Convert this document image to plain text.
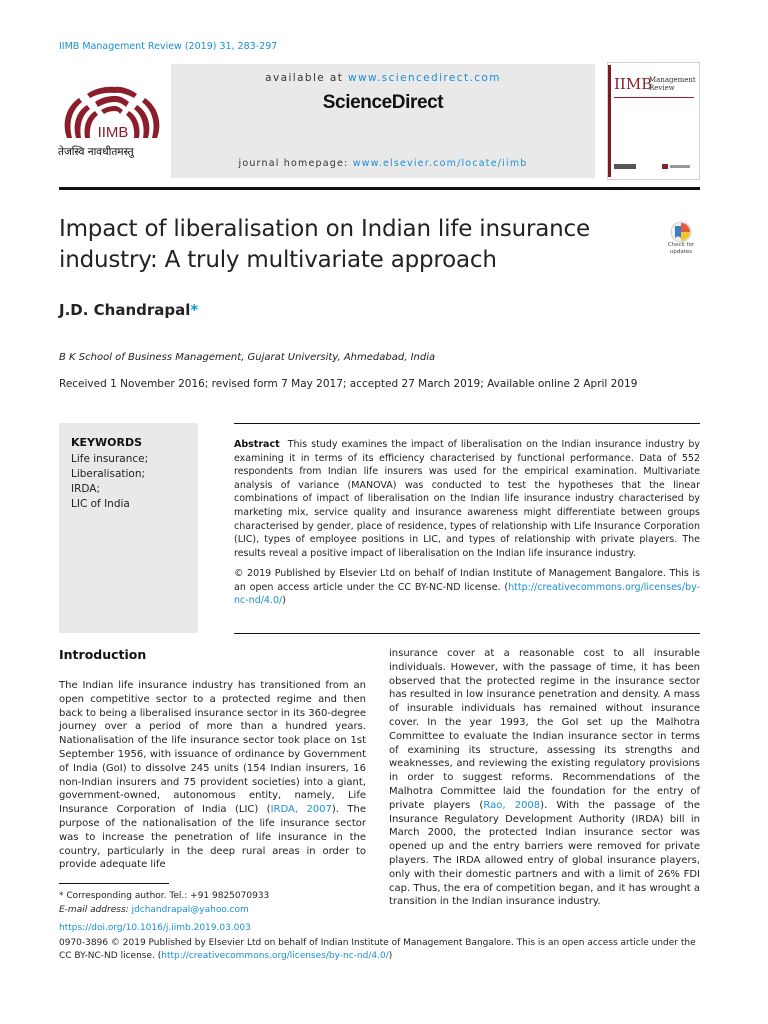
IIMB Management Review (2019) 31, 283-297
IIMB
तेजस्वि नावधीतमस्तु
available at www.sciencedirect.com
ScienceDirect
journal homepage: www.elsevier.com/locate/iimb
IIMB
Management
Review
Impact of liberalisation on Indian life insurance
industry: A truly multivariate approach
Check for
updates
J.D. Chandrapal*
B K School of Business Management, Gujarat University, Ahmedabad, India
Received 1 November 2016; revised form 7 May 2017; accepted 27 March 2019; Available online 2 April 2019
KEYWORDS
Life insurance;
Liberalisation;
IRDA;
LIC of India
Abstract This study examines the impact of liberalisation on the Indian insurance industry by examining it in terms of its efficiency characterised by functional performance. Data of 552 respondents from Indian life insurers was used for the empirical examination. Multivariate analysis of variance (MANOVA) was conducted to test the hypotheses that the linear combinations of impact of liberalisation on the Indian life insurance industry characterised by marketing mix, service quality and insurance awareness might differentiate between groups characterised by gender, place of residence, types of relationship with Life Insurance Corporation (LIC), types of employee positions in LIC, and types of relationship with private players. The results reveal a positive impact of liberalisation on the Indian life insurance industry.
© 2019 Published by Elsevier Ltd on behalf of Indian Institute of Management Bangalore. This is an open access article under the CC BY-NC-ND license. (http://creativecommons.org/licenses/by-nc-nd/4.0/)
Introduction
The Indian life insurance industry has transitioned from an open competitive sector to a protected regime and then back to being a liberalised insurance sector in its 360-degree journey over a period of more than a hundred years. Nationalisation of the life insurance sector took place on 1st September 1956, with issuance of ordinance by Government of India (GoI) to dissolve 245 units (154 Indian insurers, 16 non-Indian insurers and 75 provident societies) into a giant, government-owned, autonomous entity, namely, Life Insurance Corporation of India (LIC) (IRDA, 2007). The purpose of the nationalisation of the life insurance sector was to increase the penetration of life insurance in the country, particularly in the deep rural areas in order to provide adequate life
insurance cover at a reasonable cost to all insurable individuals. However, with the passage of time, it has been observed that the protected regime in the insurance sector has resulted in low insurance penetration and density. A mass of insurable individuals has remained without insurance cover. In the year 1993, the GoI set up the Malhotra Committee to evaluate the Indian insurance sector in terms of examining its structure, assessing its strengths and weaknesses, and reviewing the existing regulatory provisions in order to suggest reforms. Recommendations of the Malhotra Committee laid the foundation for the entry of private players (Rao, 2008). With the passage of the Insurance Regulatory Development Authority (IRDA) bill in March 2000, the protected Indian insurance sector was opened up and the entry barriers were removed for private players. The IRDA allowed entry of global insurance players, only with their domestic partners and with a limit of 26% FDI cap. Thus, the era of competition began, and it has wrought a transition in the Indian insurance industry.
* Corresponding author. Tel.: +91 9825070933
E-mail address: jdchandrapal@yahoo.com
https://doi.org/10.1016/j.iimb.2019.03.003
0970-3896 © 2019 Published by Elsevier Ltd on behalf of Indian Institute of Management Bangalore. This is an open access article under the CC BY-NC-ND license. (http://creativecommons.org/licenses/by-nc-nd/4.0/)
